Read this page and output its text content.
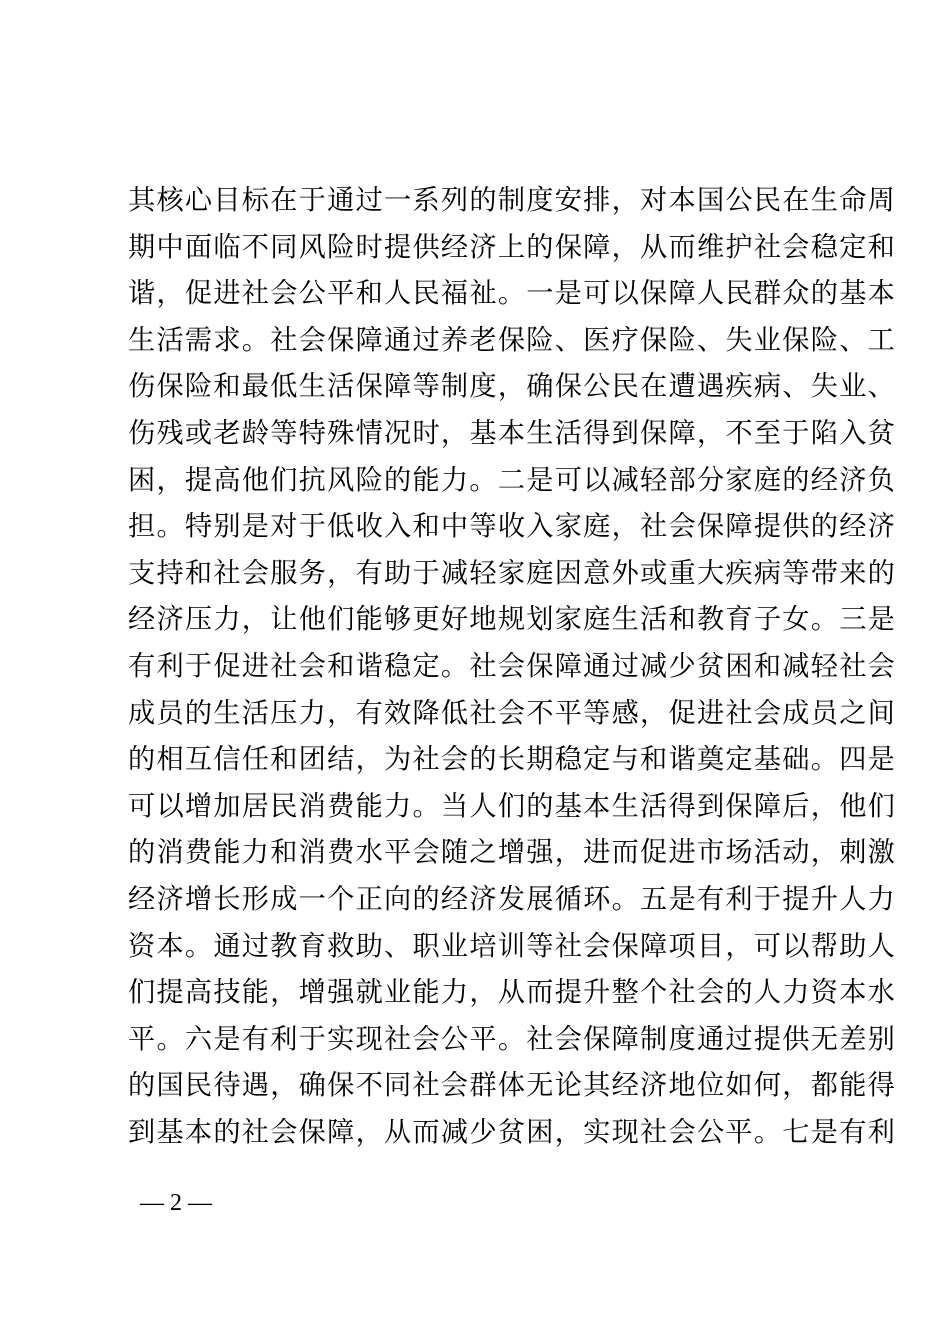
其核心目标在于通过一系列的制度安排，对本国公民在生命周
期中面临不同风险时提供经济上的保障，从而维护社会稳定和
谐，促进社会公平和人民福祉。一是可以保障人民群众的基本
生活需求。社会保障通过养老保险、医疗保险、失业保险、工
伤保险和最低生活保障等制度，确保公民在遭遇疾病、失业、
伤残或老龄等特殊情况时，基本生活得到保障，不至于陷入贫
困，提高他们抗风险的能力。二是可以减轻部分家庭的经济负
担。特别是对于低收入和中等收入家庭，社会保障提供的经济
支持和社会服务，有助于减轻家庭因意外或重大疾病等带来的
经济压力，让他们能够更好地规划家庭生活和教育子女。三是
有利于促进社会和谐稳定。社会保障通过减少贫困和减轻社会
成员的生活压力，有效降低社会不平等感，促进社会成员之间
的相互信任和团结，为社会的长期稳定与和谐奠定基础。四是
可以增加居民消费能力。当人们的基本生活得到保障后，他们
的消费能力和消费水平会随之增强，进而促进市场活动，刺激
经济增长形成一个正向的经济发展循环。五是有利于提升人力
资本。通过教育救助、职业培训等社会保障项目，可以帮助人
们提高技能，增强就业能力，从而提升整个社会的人力资本水
平。六是有利于实现社会公平。社会保障制度通过提供无差别
的国民待遇，确保不同社会群体无论其经济地位如何，都能得
到基本的社会保障，从而减少贫困，实现社会公平。七是有利
— 2 —
